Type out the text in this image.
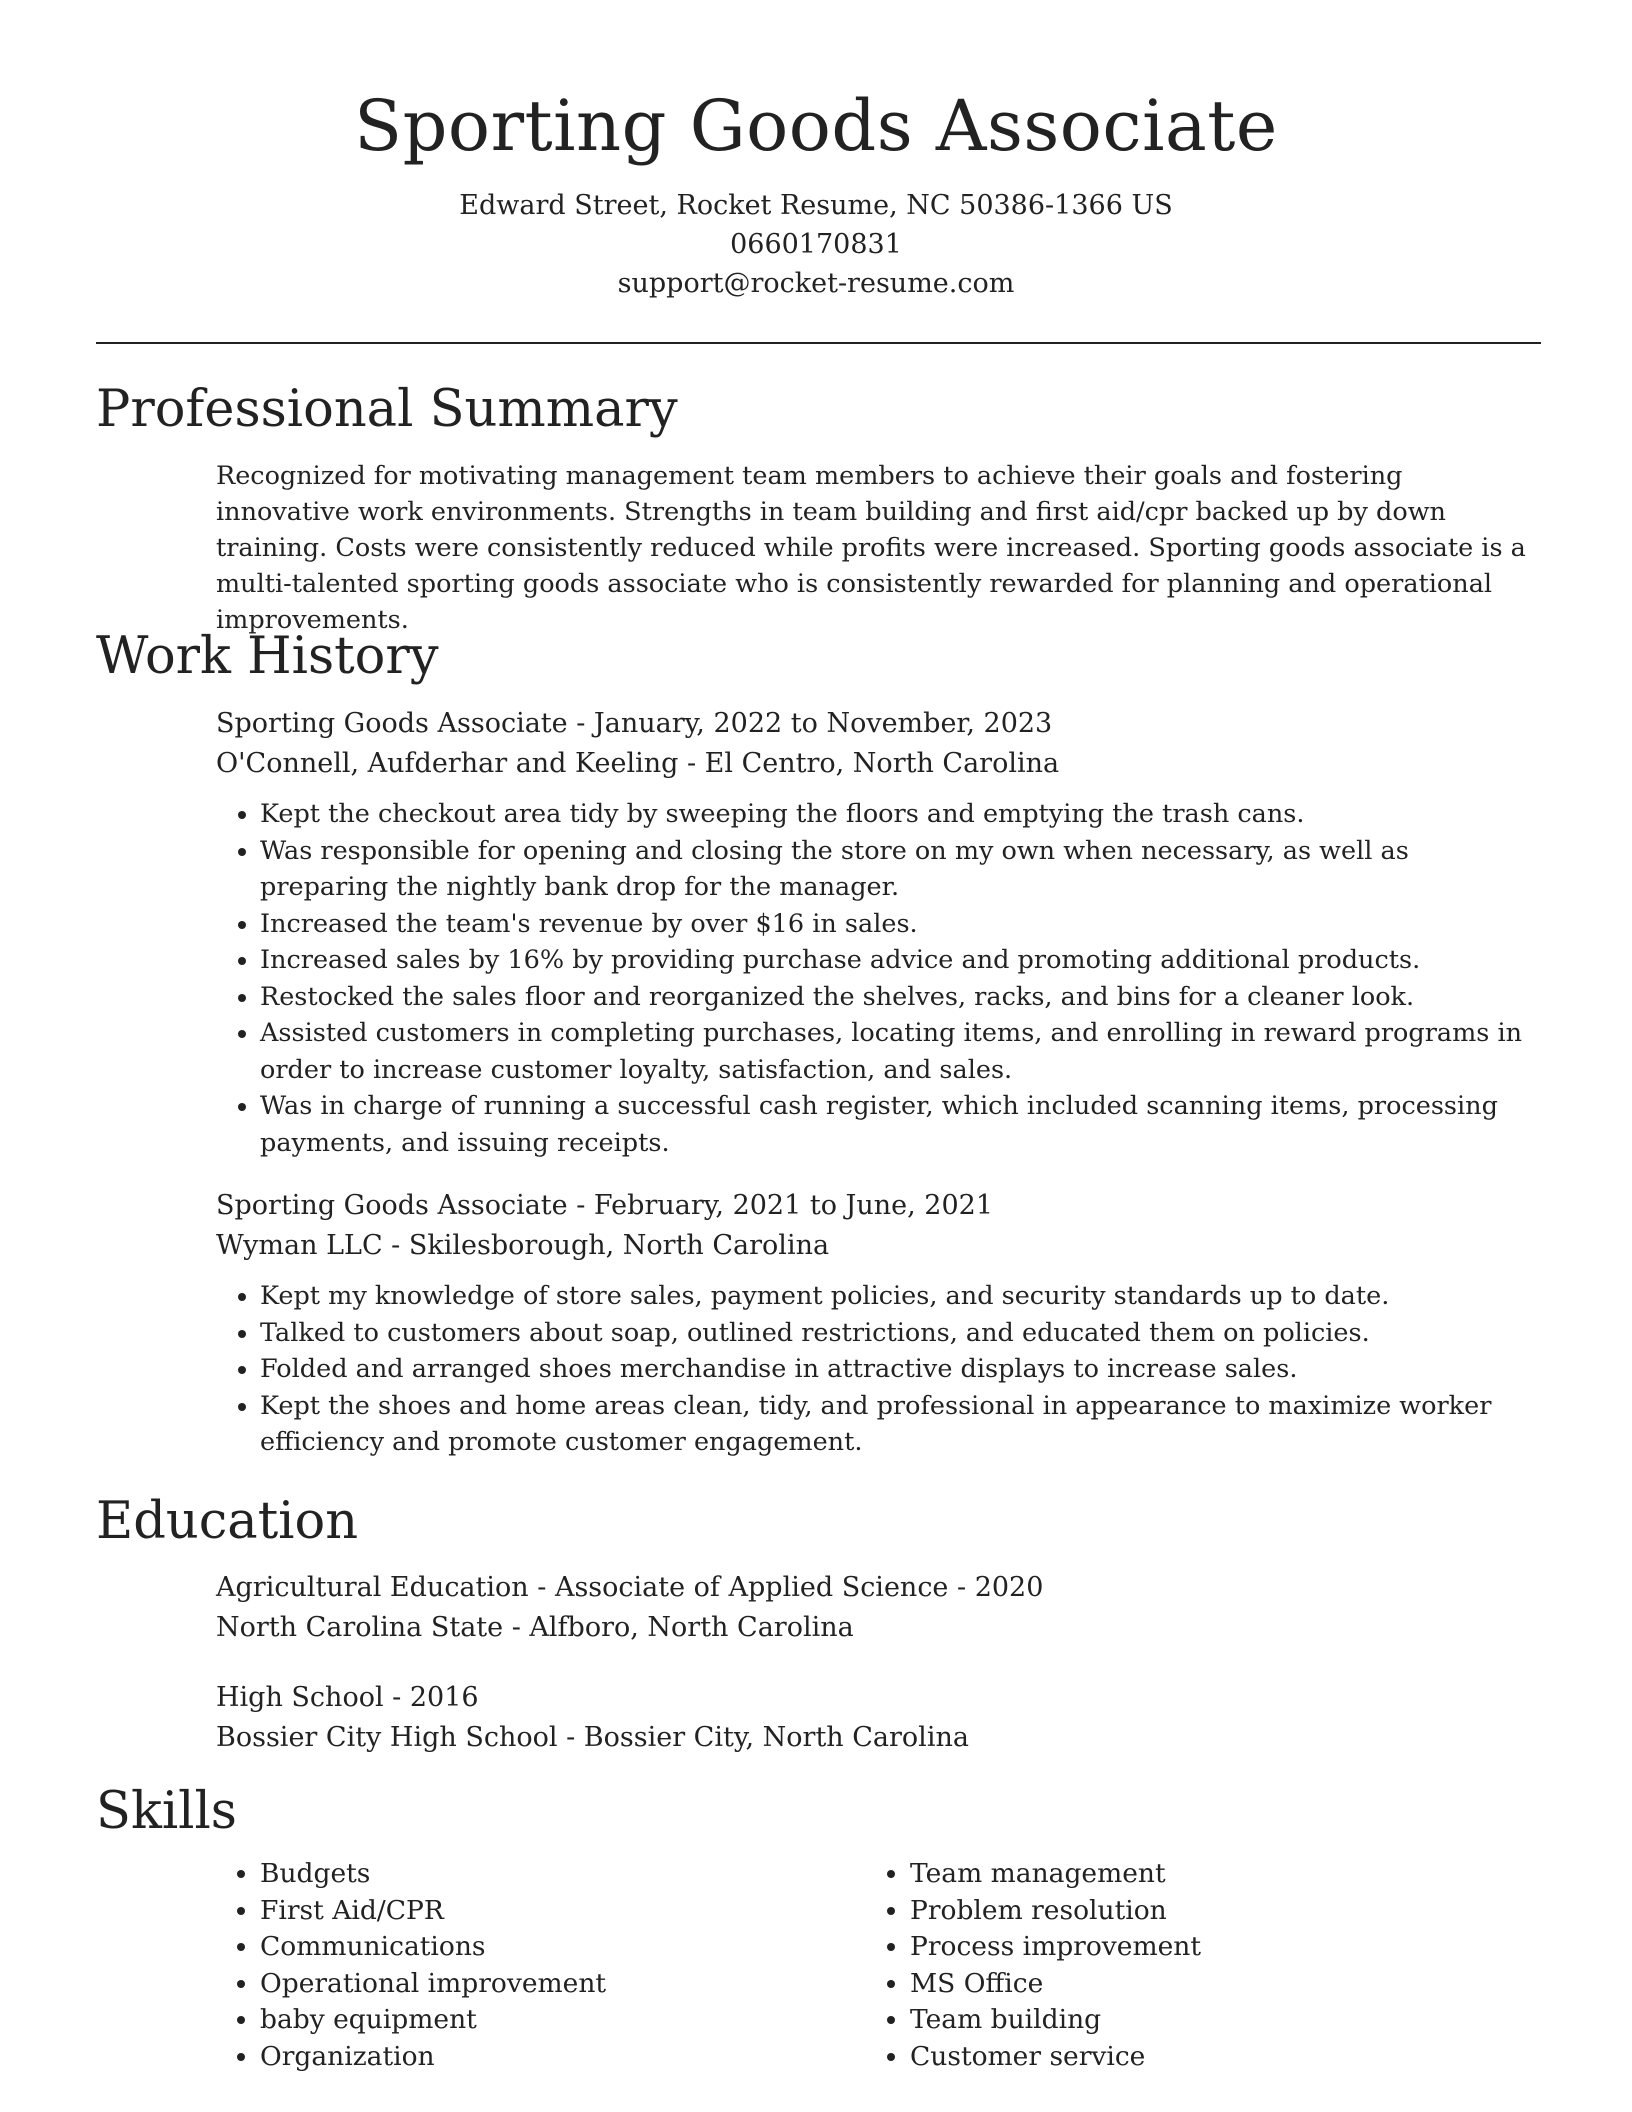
Sporting Goods Associate
Edward Street, Rocket Resume, NC 50386-1366 US
0660170831
support@rocket-resume.com
Professional Summary
Recognized for motivating management team members to achieve their goals and fostering innovative work environments. Strengths in team building and first aid/cpr backed up by down training. Costs were consistently reduced while profits were increased. Sporting goods associate is a multi-talented sporting goods associate who is consistently rewarded for planning and operational improvements.
Work History
Sporting Goods Associate - January, 2022 to November, 2023
O'Connell, Aufderhar and Keeling - El Centro, North Carolina
• Kept the checkout area tidy by sweeping the floors and emptying the trash cans.
• Was responsible for opening and closing the store on my own when necessary, as well as preparing the nightly bank drop for the manager.
• Increased the team's revenue by over $16 in sales.
• Increased sales by 16% by providing purchase advice and promoting additional products.
• Restocked the sales floor and reorganized the shelves, racks, and bins for a cleaner look.
• Assisted customers in completing purchases, locating items, and enrolling in reward programs in order to increase customer loyalty, satisfaction, and sales.
• Was in charge of running a successful cash register, which included scanning items, processing payments, and issuing receipts.
Sporting Goods Associate - February, 2021 to June, 2021
Wyman LLC - Skilesborough, North Carolina
• Kept my knowledge of store sales, payment policies, and security standards up to date.
• Talked to customers about soap, outlined restrictions, and educated them on policies.
• Folded and arranged shoes merchandise in attractive displays to increase sales.
• Kept the shoes and home areas clean, tidy, and professional in appearance to maximize worker efficiency and promote customer engagement.
Education
Agricultural Education - Associate of Applied Science - 2020
North Carolina State - Alfboro, North Carolina
High School - 2016
Bossier City High School - Bossier City, North Carolina
Skills
• Budgets
• First Aid/CPR
• Communications
• Operational improvement
• baby equipment
• Organization
• Team management
• Problem resolution
• Process improvement
• MS Office
• Team building
• Customer service
